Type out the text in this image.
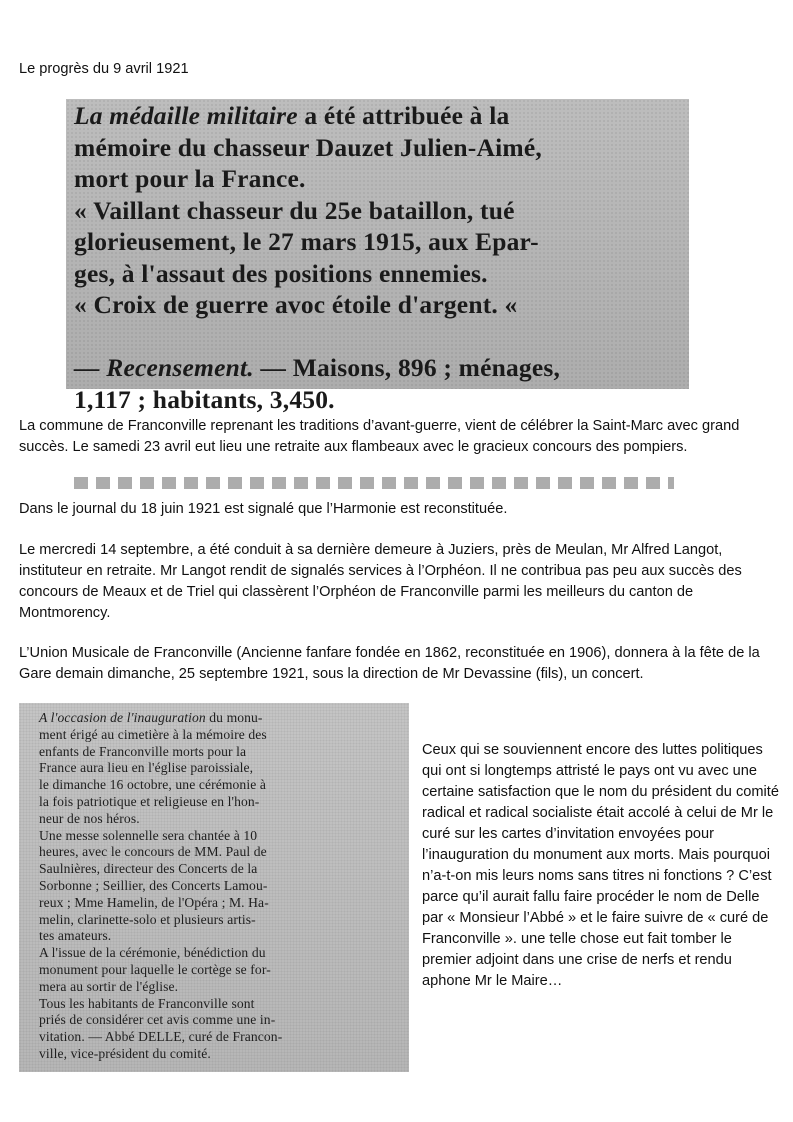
Le progrès du 9 avril 1921

La médaille militaire a été attribuée à la
mémoire du chasseur Dauzet Julien-Aimé,
mort pour la France.
« Vaillant chasseur du 25e bataillon, tué
glorieusement, le 27 mars 1915, aux Epar-
ges, à l'assaut des positions ennemies.
« Croix de guerre avoc étoile d'argent. «
— Recensement. — Maisons, 896 ; ménages,
1,117 ; habitants, 3,450.

La commune de Franconville reprenant les traditions d’avant-guerre, vient de célébrer la Saint-Marc avec grand succès. Le samedi 23 avril eut lieu une retraite aux flambeaux avec le gracieux concours des pompiers.

Dans le journal du 18 juin 1921 est signalé que l’Harmonie est reconstituée.

Le mercredi 14 septembre, a été conduit à sa dernière demeure à Juziers, près de Meulan, Mr Alfred Langot, instituteur en retraite. Mr Langot rendit de signalés services à l’Orphéon. Il ne contribua pas peu aux succès des concours de Meaux et de Triel qui classèrent l’Orphéon de Franconville parmi les meilleurs du canton de Montmorency.

L’Union Musicale de Franconville (Ancienne fanfare fondée en 1862, reconstituée en 1906), donnera à la fête de la Gare demain dimanche, 25 septembre 1921, sous la direction de Mr Devassine (fils), un concert.

A l'occasion de l'inauguration du monu-
ment érigé au cimetière à la mémoire des
enfants de Franconville morts pour la
France aura lieu en l'église paroissiale,
le dimanche 16 octobre, une cérémonie à
la fois patriotique et religieuse en l'hon-
neur de nos héros.
Une messe solennelle sera chantée à 10
heures, avec le concours de MM. Paul de
Saulnières, directeur des Concerts de la
Sorbonne ; Seillier, des Concerts Lamou-
reux ; Mme Hamelin, de l'Opéra ; M. Ha-
melin, clarinette-solo et plusieurs artis-
tes amateurs.
A l'issue de la cérémonie, bénédiction du
monument pour laquelle le cortège se for-
mera au sortir de l'église.
Tous les habitants de Franconville sont
priés de considérer cet avis comme une in-
vitation. — Abbé DELLE, curé de Francon-
ville, vice-président du comité.

Ceux qui se souviennent encore des luttes politiques qui ont si longtemps attristé le pays ont vu avec une certaine satisfaction que le nom du président du comité radical et radical socialiste était accolé à celui de Mr le curé sur les cartes d’invitation envoyées pour l’inauguration du monument aux morts. Mais pourquoi n’a-t-on mis leurs noms sans titres ni fonctions ? C’est parce qu’il aurait fallu faire procéder le nom de Delle par « Monsieur l’Abbé » et le faire suivre de « curé de Franconville ». une telle chose eut fait tomber le premier adjoint dans une crise de nerfs et rendu aphone Mr le Maire…
